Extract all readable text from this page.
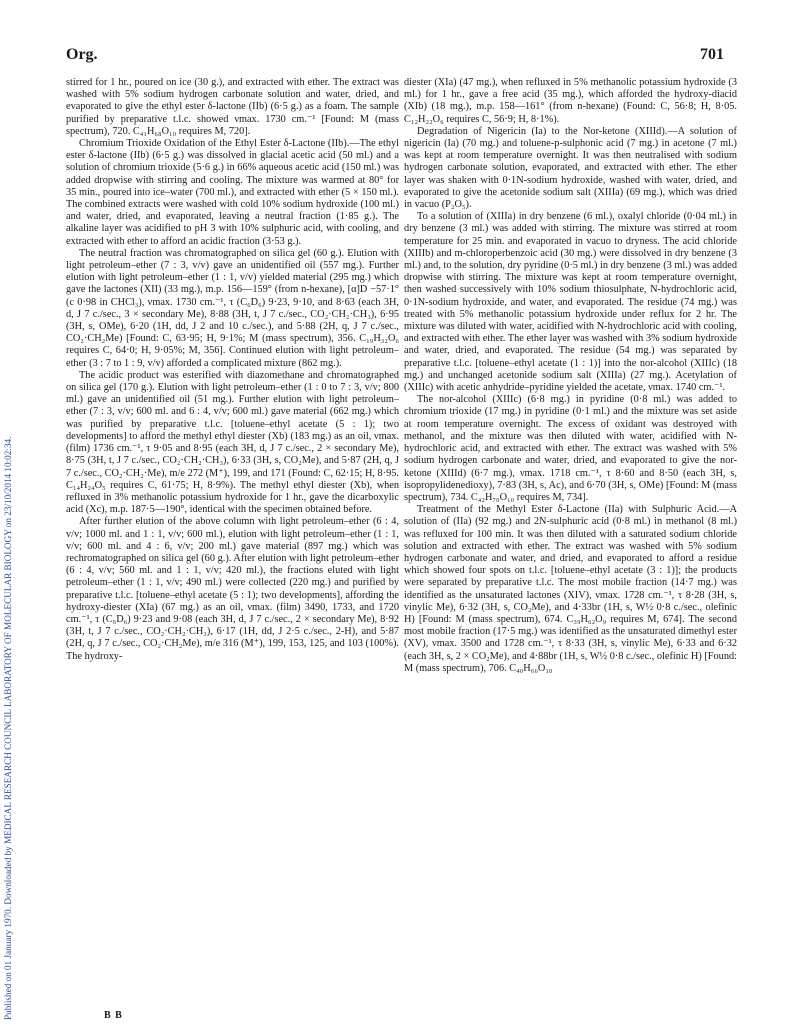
Published on 01 January 1970. Downloaded by MEDICAL RESEARCH COUNCIL LABORATORY OF MOLECULAR BIOLOGY on 23/10/2014 10:02:34.
Org.	701

stirred for 1 hr., poured on ice (30 g.), and extracted with ether. The extract was washed with 5% sodium hydrogen carbonate solution and water, dried, and evaporated to give the ethyl ester δ-lactone (IIb) (6·5 g.) as a foam. The sample purified by preparative t.l.c. showed νmax. 1730 cm.⁻¹ [Found: M (mass spectrum), 720. C₄₁H₆₈O₁₀ requires M, 720].

Chromium Trioxide Oxidation of the Ethyl Ester δ-Lactone (IIb).—The ethyl ester δ-lactone (IIb) (6·5 g.) was dissolved in glacial acetic acid (50 ml.) and a solution of chromium trioxide (5·6 g.) in 66% aqueous acetic acid (150 ml.) was added dropwise with stirring and cooling. The mixture was warmed at 80° for 35 min., poured into ice–water (700 ml.), and extracted with ether (5 × 150 ml.). The combined extracts were washed with cold 10% sodium hydroxide (100 ml.) and water, dried, and evaporated, leaving a neutral fraction (1·85 g.). The alkaline layer was acidified to pH 3 with 10% sulphuric acid, with cooling, and extracted with ether to afford an acidic fraction (3·53 g.).

The neutral fraction was chromatographed on silica gel (60 g.). Elution with light petroleum–ether (7 : 3, v/v) gave an unidentified oil (557 mg.). Further elution with light petroleum–ether (1 : 1, v/v) yielded material (295 mg.) which gave the lactones (XII) (33 mg.), m.p. 156—159° (from n-hexane), [α]D −57·1° (c 0·98 in CHCl₃), νmax. 1730 cm.⁻¹, τ (C₆D₆) 9·23, 9·10, and 8·63 (each 3H, d, J 7 c./sec., 3 × secondary Me), 8·88 (3H, t, J 7 c./sec., CO₂·CH₂·CH₃), 6·95 (3H, s, OMe), 6·20 (1H, dd, J 2 and 10 c./sec.), and 5·88 (2H, q, J 7 c./sec., CO₂·CH₂Me) [Found: C, 63·95; H, 9·1%; M (mass spectrum), 356. C₁₉H₃₂O₆ requires C, 64·0; H, 9·05%; M, 356]. Continued elution with light petroleum–ether (3 : 7 to 1 : 9, v/v) afforded a complicated mixture (862 mg.).

The acidic product was esterified with diazomethane and chromatographed on silica gel (170 g.). Elution with light petroleum–ether (1 : 0 to 7 : 3, v/v; 800 ml.) gave an unidentified oil (51 mg.). Further elution with light petroleum–ether (7 : 3, v/v; 600 ml. and 6 : 4, v/v; 600 ml.) gave material (662 mg.) which was purified by preparative t.l.c. [toluene–ethyl acetate (5 : 1); two developments] to afford the methyl ethyl diester (Xb) (183 mg.) as an oil, νmax. (film) 1736 cm.⁻¹, τ 9·05 and 8·95 (each 3H, d, J 7 c./sec., 2 × secondary Me), 8·75 (3H, t, J 7 c./sec., CO₂·CH₂·CH₃), 6·33 (3H, s, CO₂Me), and 5·87 (2H, q, J 7 c./sec., CO₂·CH₂·Me), m/e 272 (M⁺), 199, and 171 (Found: C, 62·15; H, 8·95. C₁₄H₂₄O₅ requires C, 61·75; H, 8·9%). The methyl ethyl diester (Xb), when refluxed in 3% methanolic potassium hydroxide for 1 hr., gave the dicarboxylic acid (Xc), m.p. 187·5—190°, identical with the specimen obtained before.

After further elution of the above column with light petroleum–ether (6 : 4, v/v; 1000 ml. and 1 : 1, v/v; 600 ml.), elution with light petroleum–ether (1 : 1, v/v; 600 ml. and 4 : 6, v/v; 200 ml.) gave material (897 mg.) which was rechromatographed on silica gel (60 g.). After elution with light petroleum–ether (6 : 4, v/v; 560 ml. and 1 : 1, v/v; 420 ml.), the fractions eluted with light petroleum–ether (1 : 1, v/v; 490 ml.) were collected (220 mg.) and purified by preparative t.l.c. [toluene–ethyl acetate (5 : 1); two developments], affording the hydroxy-diester (XIa) (67 mg.) as an oil, νmax. (film) 3490, 1733, and 1720 cm.⁻¹, τ (C₆D₆) 9·23 and 9·08 (each 3H, d, J 7 c./sec., 2 × secondary Me), 8·92 (3H, t, J 7 c./sec., CO₂·CH₂·CH₃), 6·17 (1H, dd, J 2·5 c./sec., 2-H), and 5·87 (2H, q, J 7 c./sec., CO₂·CH₂Me), m/e 316 (M⁺), 199, 153, 125, and 103 (100%). The hydroxy-

diester (XIa) (47 mg.), when refluxed in 5% methanolic potassium hydroxide (3 ml.) for 1 hr., gave a free acid (35 mg.), which afforded the hydroxy-diacid (XIb) (18 mg.), m.p. 158—161° (from n-hexane) (Found: C, 56·8; H, 8·05. C₁₂H₂₂O₆ requires C, 56·9; H, 8·1%).

Degradation of Nigericin (Ia) to the Nor-ketone (XIIId).—A solution of nigericin (Ia) (70 mg.) and toluene-p-sulphonic acid (7 mg.) in acetone (7 ml.) was kept at room temperature overnight. It was then neutralised with sodium hydrogen carbonate solution, evaporated, and extracted with ether. The ether layer was shaken with 0·1N-sodium hydroxide, washed with water, dried, and evaporated to give the acetonide sodium salt (XIIIa) (69 mg.), which was dried in vacuo (P₂O₅).

To a solution of (XIIIa) in dry benzene (6 ml.), oxalyl chloride (0·04 ml.) in dry benzene (3 ml.) was added with stirring. The mixture was stirred at room temperature for 25 min. and evaporated in vacuo to dryness. The acid chloride (XIIIb) and m-chloroperbenzoic acid (30 mg.) were dissolved in dry benzene (3 ml.) and, to the solution, dry pyridine (0·5 ml.) in dry benzene (3 ml.) was added dropwise with stirring. The mixture was kept at room temperature overnight, then washed successively with 10% sodium thiosulphate, N-hydrochloric acid, 0·1N-sodium hydroxide, and water, and evaporated. The residue (74 mg.) was treated with 5% methanolic potassium hydroxide under reflux for 2 hr. The mixture was diluted with water, acidified with N-hydrochloric acid with cooling, and extracted with ether. The ether layer was washed with 3% sodium hydroxide and water, dried, and evaporated. The residue (54 mg.) was separated by preparative t.l.c. [toluene–ethyl acetate (1 : 1)] into the nor-alcohol (XIIIc) (18 mg.) and unchanged acetonide sodium salt (XIIIa) (27 mg.). Acetylation of (XIIIc) with acetic anhydride–pyridine yielded the acetate, νmax. 1740 cm.⁻¹.

The nor-alcohol (XIIIc) (6·8 mg.) in pyridine (0·8 ml.) was added to chromium trioxide (17 mg.) in pyridine (0·1 ml.) and the mixture was set aside at room temperature overnight. The excess of oxidant was destroyed with methanol, and the mixture was then diluted with water, acidified with N-hydrochloric acid, and extracted with ether. The extract was washed with 5% sodium hydrogen carbonate and water, dried, and evaporated to give the nor-ketone (XIIId) (6·7 mg.), νmax. 1718 cm.⁻¹, τ 8·60 and 8·50 (each 3H, s, isopropylidenedioxy), 7·83 (3H, s, Ac), and 6·70 (3H, s, OMe) [Found: M (mass spectrum), 734. C₄₂H₇₀O₁₀ requires M, 734].

Treatment of the Methyl Ester δ-Lactone (IIa) with Sulphuric Acid.—A solution of (IIa) (92 mg.) and 2N-sulphuric acid (0·8 ml.) in methanol (8 ml.) was refluxed for 100 min. It was then diluted with a saturated sodium chloride solution and extracted with ether. The extract was washed with 5% sodium hydrogen carbonate and water, and dried, and evaporated to afford a residue which showed four spots on t.l.c. [toluene–ethyl acetate (3 : 1)]; the products were separated by preparative t.l.c. The most mobile fraction (14·7 mg.) was identified as the unsaturated lactones (XIV), νmax. 1728 cm.⁻¹, τ 8·28 (3H, s, vinylic Me), 6·32 (3H, s, CO₂Me), and 4·33br (1H, s, W½ 0·8 c./sec., olefinic H) [Found: M (mass spectrum), 674. C₃₉H₆₂O₉ requires M, 674]. The second most mobile fraction (17·5 mg.) was identified as the unsaturated dimethyl ester (XV), νmax. 3500 and 1728 cm.⁻¹, τ 8·33 (3H, s, vinylic Me), 6·33 and 6·32 (each 3H, s, 2 × CO₂Me), and 4·88br (1H, s, W½ 0·8 c./sec., olefinic H) [Found: M (mass spectrum), 706. C₄₀H₆₆O₁₀

B B
